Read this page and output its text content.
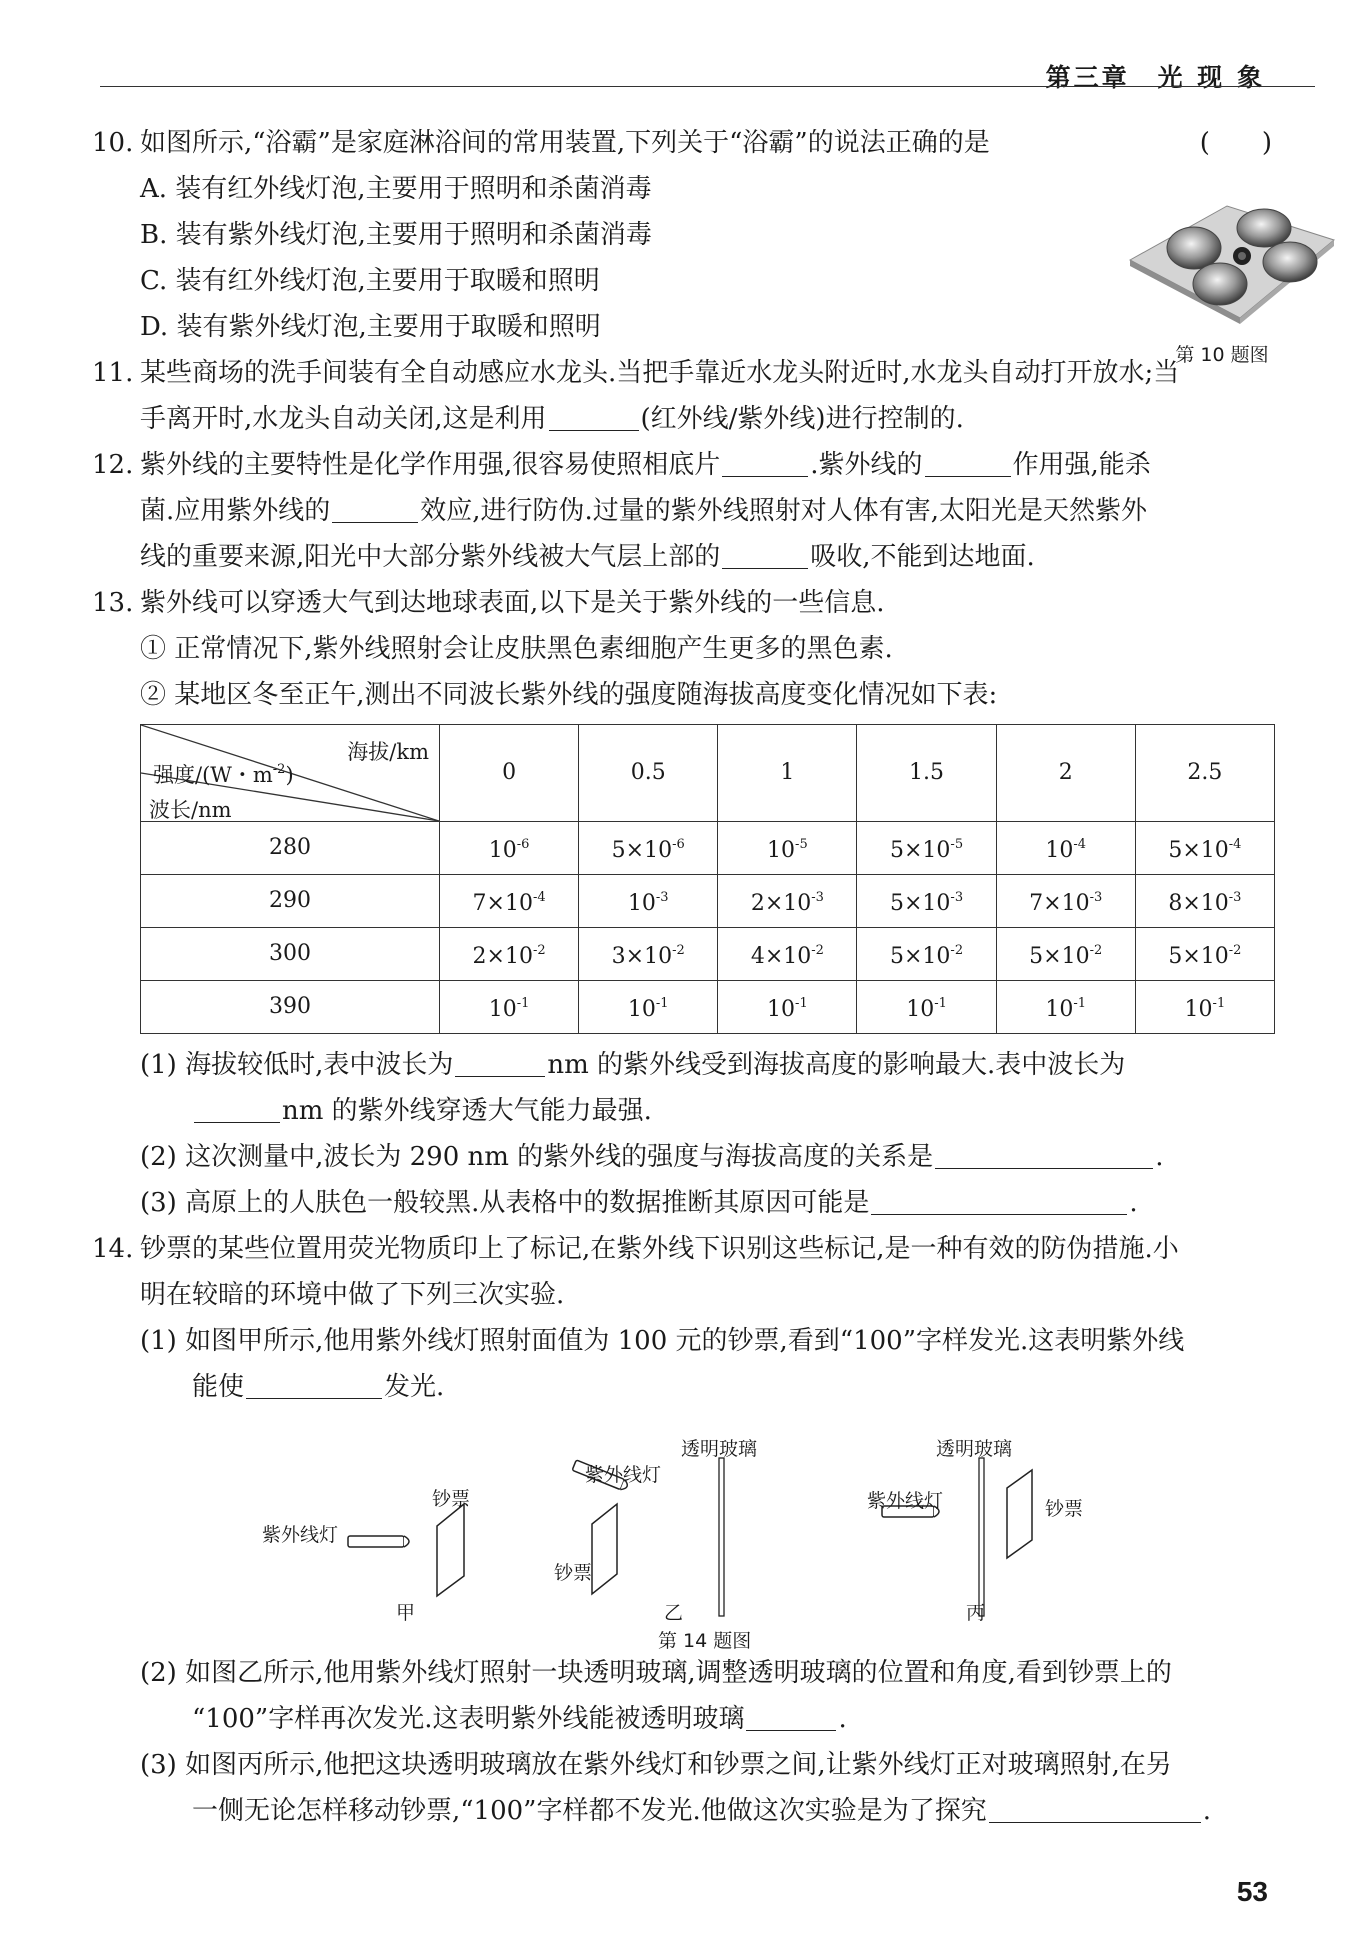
第三章　光 现 象
10. 如图所示,“浴霸”是家庭淋浴间的常用装置,下列关于“浴霸”的说法正确的是	(　　)
A. 装有红外线灯泡,主要用于照明和杀菌消毒
B. 装有紫外线灯泡,主要用于照明和杀菌消毒
C. 装有红外线灯泡,主要用于取暖和照明
D. 装有紫外线灯泡,主要用于取暖和照明
第 10 题图
11. 某些商场的洗手间装有全自动感应水龙头.当把手靠近水龙头附近时,水龙头自动打开放水;当
手离开时,水龙头自动关闭,这是利用	(红外线/紫外线)进行控制的.
12. 紫外线的主要特性是化学作用强,很容易使照相底片	.紫外线的	作用强,能杀
菌.应用紫外线的	效应,进行防伪.过量的紫外线照射对人体有害,太阳光是天然紫外
线的重要来源,阳光中大部分紫外线被大气层上部的	吸收,不能到达地面.
13. 紫外线可以穿透大气到达地球表面,以下是关于紫外线的一些信息.
① 正常情况下,紫外线照射会让皮肤黑色素细胞产生更多的黑色素.
② 某地区冬至正午,测出不同波长紫外线的强度随海拔高度变化情况如下表:
海拔/km
强度/(W・$m^{-2}$)
波长/nm	0	0.5	1	1.5	2	2.5
280	$10^{-6}$	$5\times 10^{-6}$	$10^{-5}$	$5\times 10^{-5}$	$10^{-4}$	$5\times 10^{-4}$
290	$7\times 10^{-4}$	$10^{-3}$	$2\times 10^{-3}$	$5\times 10^{-3}$	$7\times 10^{-3}$	$8\times 10^{-3}$
300	$2\times 10^{-2}$	$3\times 10^{-2}$	$4\times 10^{-2}$	$5\times 10^{-2}$	$5\times 10^{-2}$	$5\times 10^{-2}$
390	$10^{-1}$	$10^{-1}$	$10^{-1}$	$10^{-1}$	$10^{-1}$	$10^{-1}$
(1) 海拔较低时,表中波长为	nm 的紫外线受到海拔高度的影响最大.表中波长为
nm 的紫外线穿透大气能力最强.
(2) 这次测量中,波长为 290 nm 的紫外线的强度与海拔高度的关系是	.
(3) 高原上的人肤色一般较黑.从表格中的数据推断其原因可能是	.
14. 钞票的某些位置用荧光物质印上了标记,在紫外线下识别这些标记,是一种有效的防伪措施.小
明在较暗的环境中做了下列三次实验.
(1) 如图甲所示,他用紫外线灯照射面值为 100 元的钞票,看到“100”字样发光.这表明紫外线
能使	发光.
紫外线灯
钞票
紫外线灯
透明玻璃
钞票
紫外线灯
透明玻璃
钞票
甲	乙	丙
第 14 题图
(2) 如图乙所示,他用紫外线灯照射一块透明玻璃,调整透明玻璃的位置和角度,看到钞票上的
“100”字样再次发光.这表明紫外线能被透明玻璃	.
(3) 如图丙所示,他把这块透明玻璃放在紫外线灯和钞票之间,让紫外线灯正对玻璃照射,在另
一侧无论怎样移动钞票,“100”字样都不发光.他做这次实验是为了探究	.
53
